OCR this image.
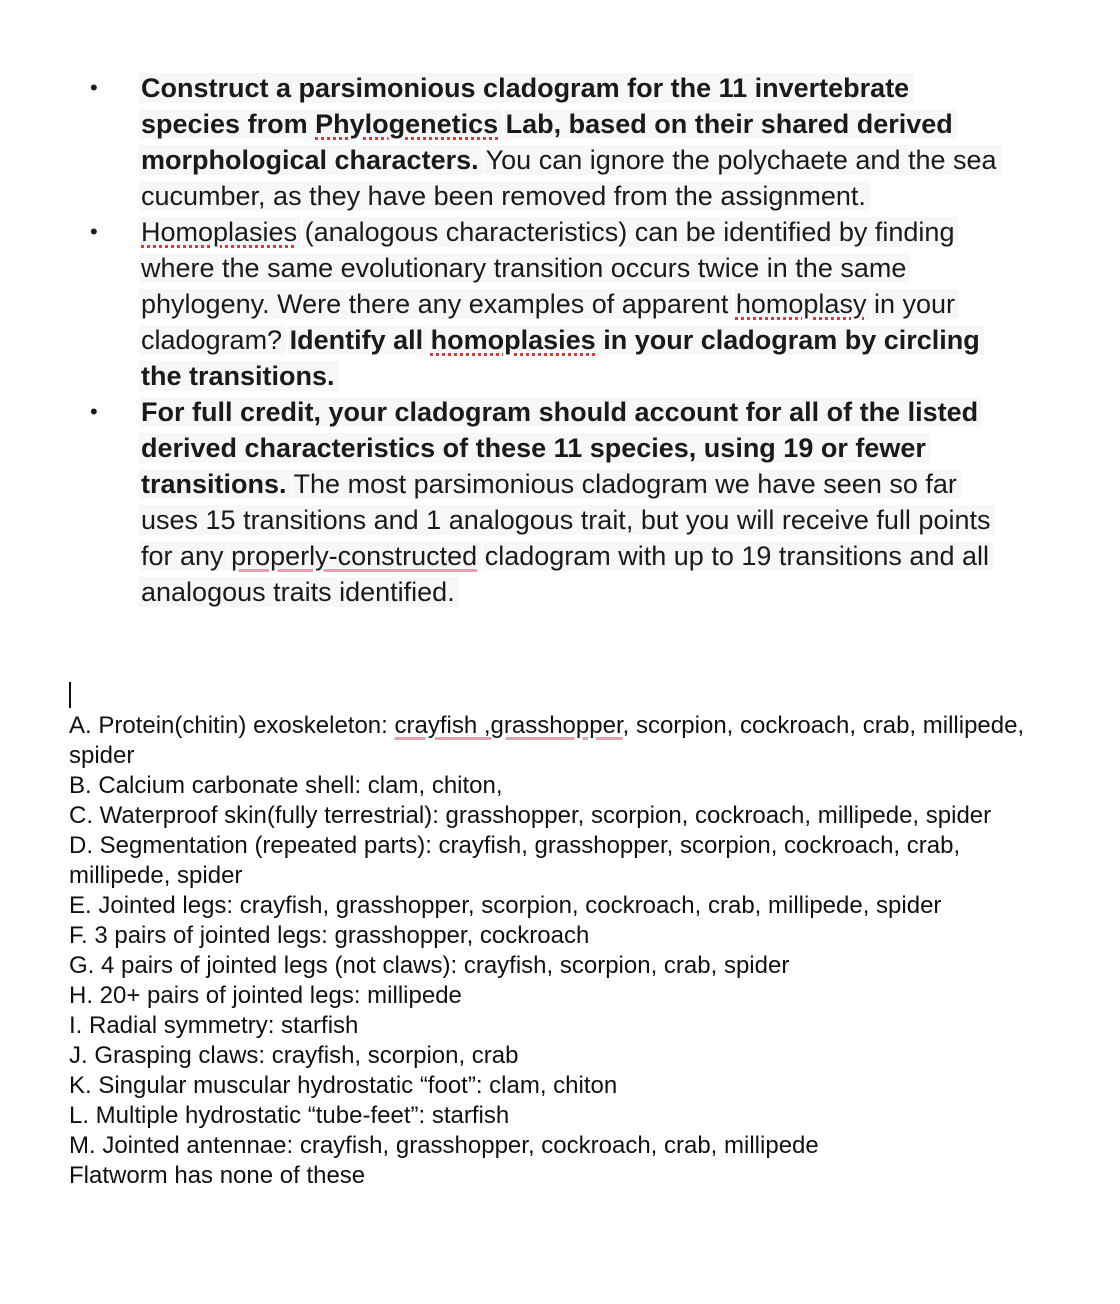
• Construct a parsimonious cladogram for the 11 invertebrate species from Phylogenetics Lab, based on their shared derived morphological characters. You can ignore the polychaete and the sea cucumber, as they have been removed from the assignment.
• Homoplasies (analogous characteristics) can be identified by finding where the same evolutionary transition occurs twice in the same phylogeny. Were there any examples of apparent homoplasy in your cladogram? Identify all homoplasies in your cladogram by circling the transitions.
• For full credit, your cladogram should account for all of the listed derived characteristics of these 11 species, using 19 or fewer transitions. The most parsimonious cladogram we have seen so far uses 15 transitions and 1 analogous trait, but you will receive full points for any properly-constructed cladogram with up to 19 transitions and all analogous traits identified.

A. Protein(chitin) exoskeleton: crayfish ,grasshopper, scorpion, cockroach, crab, millipede, spider

B. Calcium carbonate shell: clam, chiton,

C. Waterproof skin(fully terrestrial): grasshopper, scorpion, cockroach, millipede, spider

D. Segmentation (repeated parts): crayfish, grasshopper, scorpion, cockroach, crab, millipede, spider

E. Jointed legs: crayfish, grasshopper, scorpion, cockroach, crab, millipede, spider

F. 3 pairs of jointed legs: grasshopper, cockroach

G. 4 pairs of jointed legs (not claws): crayfish, scorpion, crab, spider

H. 20+ pairs of jointed legs: millipede

I. Radial symmetry: starfish

J. Grasping claws: crayfish, scorpion, crab

K. Singular muscular hydrostatic “foot”: clam, chiton

L. Multiple hydrostatic “tube-feet”: starfish

M. Jointed antennae: crayfish, grasshopper, cockroach, crab, millipede

Flatworm has none of these
